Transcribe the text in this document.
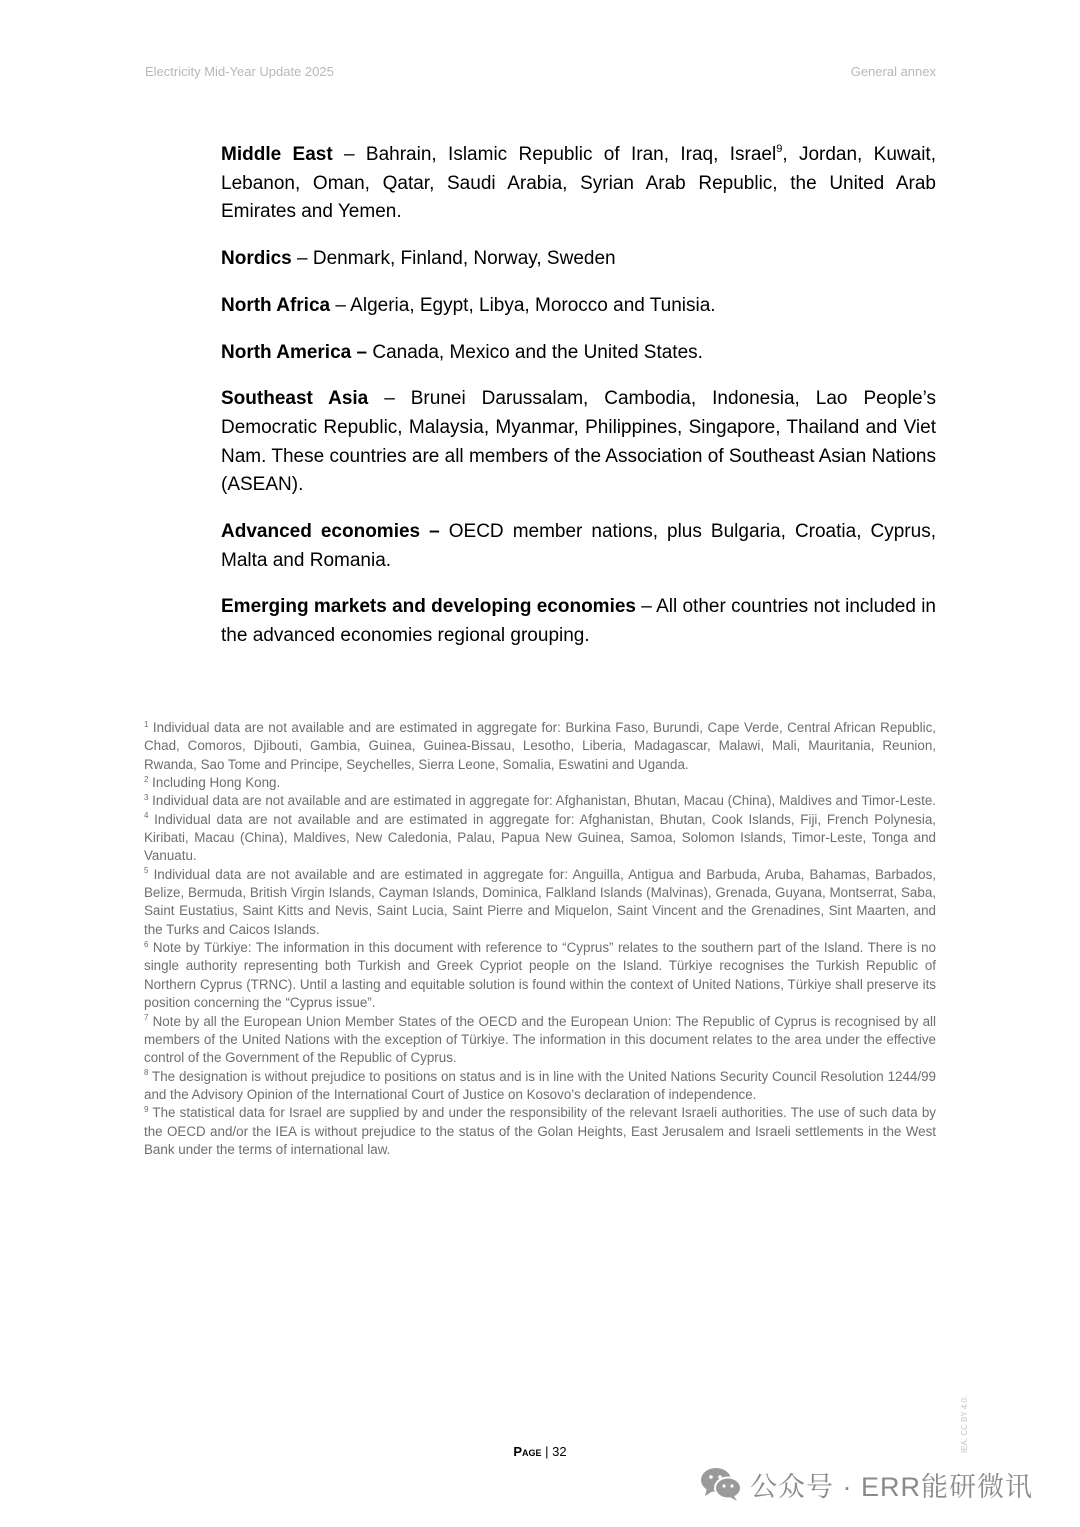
Electricity Mid-Year Update 2025	General annex

Middle East – Bahrain, Islamic Republic of Iran, Iraq, Israel$^9$, Jordan, Kuwait, Lebanon, Oman, Qatar, Saudi Arabia, Syrian Arab Republic, the United Arab Emirates and Yemen.

Nordics – Denmark, Finland, Norway, Sweden

North Africa – Algeria, Egypt, Libya, Morocco and Tunisia.

North America – Canada, Mexico and the United States.

Southeast Asia – Brunei Darussalam, Cambodia, Indonesia, Lao People’s Democratic Republic, Malaysia, Myanmar, Philippines, Singapore, Thailand and Viet Nam. These countries are all members of the Association of Southeast Asian Nations (ASEAN).

Advanced economies – OECD member nations, plus Bulgaria, Croatia, Cyprus, Malta and Romania.

Emerging markets and developing economies – All other countries not included in the advanced economies regional grouping.

$^1$ Individual data are not available and are estimated in aggregate for: Burkina Faso, Burundi, Cape Verde, Central African Republic, Chad, Comoros, Djibouti, Gambia, Guinea, Guinea-Bissau, Lesotho, Liberia, Madagascar, Malawi, Mali, Mauritania, Reunion, Rwanda, Sao Tome and Principe, Seychelles, Sierra Leone, Somalia, Eswatini and Uganda.

$^2$ Including Hong Kong.

$^3$ Individual data are not available and are estimated in aggregate for: Afghanistan, Bhutan, Macau (China), Maldives and Timor-Leste.

$^4$ Individual data are not available and are estimated in aggregate for: Afghanistan, Bhutan, Cook Islands, Fiji, French Polynesia, Kiribati, Macau (China), Maldives, New Caledonia, Palau, Papua New Guinea, Samoa, Solomon Islands, Timor-Leste, Tonga and Vanuatu.

$^5$ Individual data are not available and are estimated in aggregate for: Anguilla, Antigua and Barbuda, Aruba, Bahamas, Barbados, Belize, Bermuda, British Virgin Islands, Cayman Islands, Dominica, Falkland Islands (Malvinas), Grenada, Guyana, Montserrat, Saba, Saint Eustatius, Saint Kitts and Nevis, Saint Lucia, Saint Pierre and Miquelon, Saint Vincent and the Grenadines, Sint Maarten, and the Turks and Caicos Islands.

$^6$ Note by Türkiye: The information in this document with reference to “Cyprus” relates to the southern part of the Island. There is no single authority representing both Turkish and Greek Cypriot people on the Island. Türkiye recognises the Turkish Republic of Northern Cyprus (TRNC). Until a lasting and equitable solution is found within the context of United Nations, Türkiye shall preserve its position concerning the “Cyprus issue”.

$^7$ Note by all the European Union Member States of the OECD and the European Union: The Republic of Cyprus is recognised by all members of the United Nations with the exception of Türkiye. The information in this document relates to the area under the effective control of the Government of the Republic of Cyprus.

$^8$ The designation is without prejudice to positions on status and is in line with the United Nations Security Council Resolution 1244/99 and the Advisory Opinion of the International Court of Justice on Kosovo’s declaration of independence.

$^9$ The statistical data for Israel are supplied by and under the responsibility of the relevant Israeli authorities. The use of such data by the OECD and/or the IEA is without prejudice to the status of the Golan Heights, East Jerusalem and Israeli settlements in the West Bank under the terms of international law.

Page | 32	IEA. CC BY 4.0.
公众号 · ERR能研微讯
